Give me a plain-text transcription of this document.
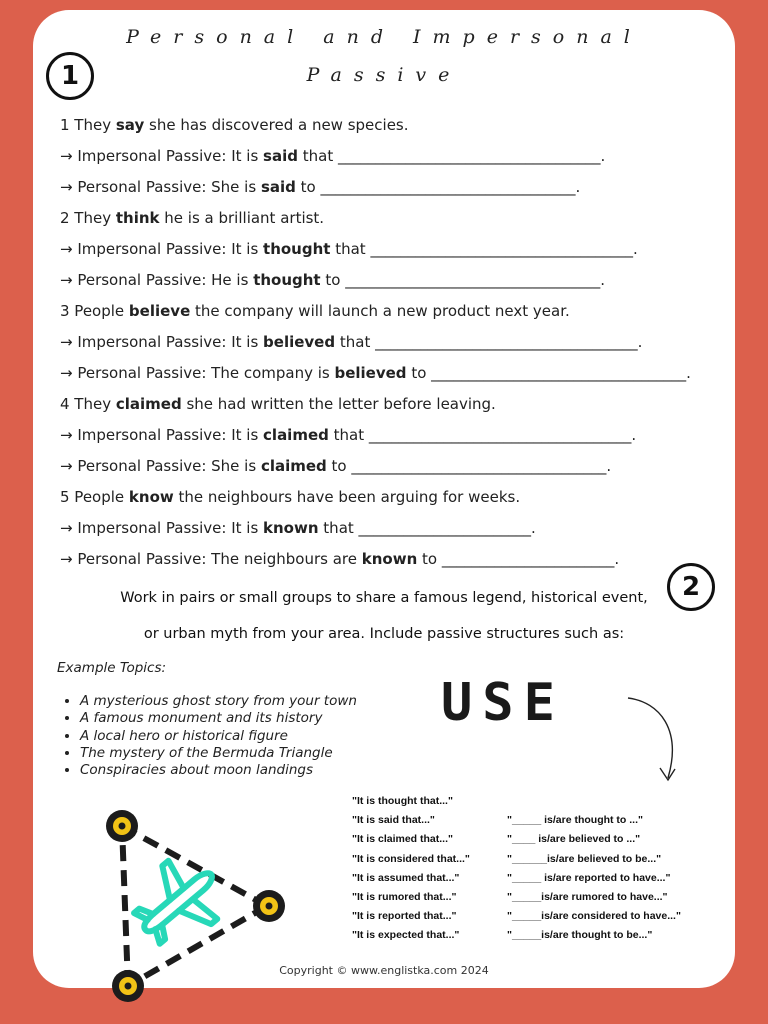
Personal and Impersonal
Passive
1
1 They say she has discovered a new species.
→ Impersonal Passive: It is said that ___________________________________.
→ Personal Passive: She is said to __________________________________.
2 They think he is a brilliant artist.
→ Impersonal Passive: It is thought that ___________________________________.
→ Personal Passive: He is thought to __________________________________.
3 People believe the company will launch a new product next year.
→ Impersonal Passive: It is believed that ___________________________________.
→ Personal Passive: The company is believed to __________________________________.
4 They claimed she had written the letter before leaving.
→ Impersonal Passive: It is claimed that ___________________________________.
→ Personal Passive: She is claimed to __________________________________.
5 People know the neighbours have been arguing for weeks.
→ Impersonal Passive: It is known that _______________________.
→ Personal Passive: The neighbours are known to _______________________.
2
Work in pairs or small groups to share a famous legend, historical event,
or urban myth from your area. Include passive structures such as:
Example Topics:
• A mysterious ghost story from your town
• A famous monument and its history
• A local hero or historical figure
• The mystery of the Bermuda Triangle
• Conspiracies about moon landings
USE
"It is thought that..."
"It is said that..."
"It is claimed that..."
"It is considered that..."
"It is assumed that..."
"It is rumored that..."
"It is reported that..."
"It is expected that..."
"_____ is/are thought to ..."
"____ is/are believed to ..."
"______is/are believed to be..."
"_____ is/are reported to have..."
"_____is/are rumored to have..."
"_____is/are considered to have..."
"_____is/are thought to be..."
Copyright © www.englistka.com 2024
